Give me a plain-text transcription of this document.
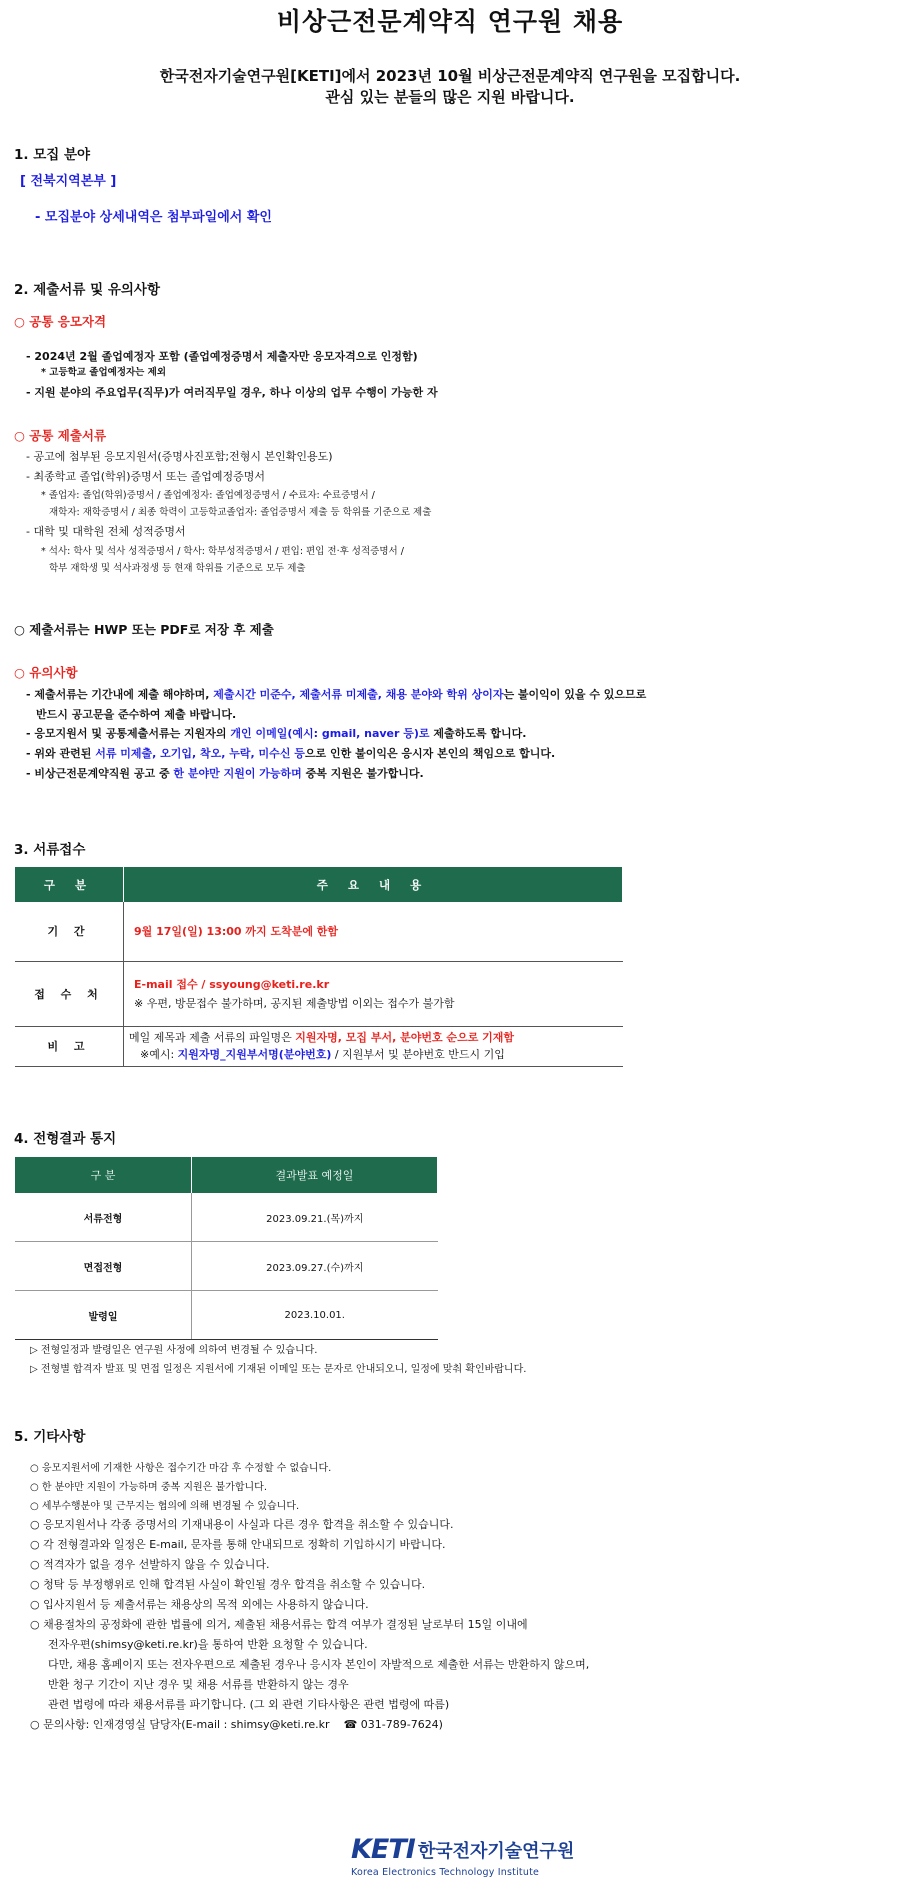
비상근전문계약직 연구원 채용
한국전자기술연구원[KETI]에서 2023년 10월 비상근전문계약직 연구원을 모집합니다.
관심 있는 분들의 많은 지원 바랍니다.
1. 모집 분야
[ 전북지역본부 ]
- 모집분야 상세내역은 첨부파일에서 확인
2. 제출서류 및 유의사항
○ 공통 응모자격
- 2024년 2월 졸업예정자 포함 (졸업예정증명서 제출자만 응모자격으로 인정함)
* 고등학교 졸업예정자는 제외
- 지원 분야의 주요업무(직무)가 여러직무일 경우, 하나 이상의 업무 수행이 가능한 자
○ 공통 제출서류
- 공고에 첨부된 응모지원서(증명사진포함;전형시 본인확인용도)
- 최종학교 졸업(학위)증명서 또는 졸업예정증명서
* 졸업자: 졸업(학위)증명서 / 졸업예정자: 졸업예정증명서 / 수료자: 수료증명서 /
재학자: 재학증명서 / 최종 학력이 고등학교졸업자: 졸업증명서 제출 등 학위를 기준으로 제출
- 대학 및 대학원 전체 성적증명서
* 석사: 학사 및 석사 성적증명서 / 학사: 학부성적증명서 / 편입: 편입 전·후 성적증명서 /
학부 재학생 및 석사과정생 등 현재 학위를 기준으로 모두 제출
○ 제출서류는 HWP 또는 PDF로 저장 후 제출
○ 유의사항
- 제출서류는 기간내에 제출 해야하며, 제출시간 미준수, 제출서류 미제출, 채용 분야와 학위 상이자는 불이익이 있을 수 있으므로
반드시 공고문을 준수하여 제출 바랍니다.
- 응모지원서 및 공통제출서류는 지원자의 개인 이메일(예시: gmail, naver 등)로 제출하도록 합니다.
- 위와 관련된 서류 미제출, 오기입, 착오, 누락, 미수신 등으로 인한 불이익은 응시자 본인의 책임으로 합니다.
- 비상근전문계약직원 공고 중 한 분야만 지원이 가능하며 중복 지원은 불가합니다.
3. 서류접수
구 분	주 요 내 용
기 간	9월 17일(일) 13:00 까지 도착분에 한함
접 수 처	E-mail 접수 / ssyoung@keti.re.kr
※ 우편, 방문접수 불가하며, 공지된 제출방법 이외는 접수가 불가함

비 고	메일 제목과 제출 서류의 파일명은 지원자명, 모집 부서, 분야번호 순으로 기재함
※예시: 지원자명_지원부서명(분야번호) / 지원부서 및 분야번호 반드시 기입
4. 전형결과 통지
구 분	결과발표 예정일
서류전형	2023.09.21.(목)까지
면접전형	2023.09.27.(수)까지
발령일	2023.10.01.
▷ 전형일정과 발령일은 연구원 사정에 의하여 변경될 수 있습니다.
▷ 전형별 합격자 발표 및 면접 일정은 지원서에 기재된 이메일 또는 문자로 안내되오니, 일정에 맞춰 확인바랍니다.
5. 기타사항
○ 응모지원서에 기재한 사항은 접수기간 마감 후 수정할 수 없습니다.
○ 한 분야만 지원이 가능하며 중복 지원은 불가합니다.
○ 세부수행분야 및 근무지는 협의에 의해 변경될 수 있습니다.
○ 응모지원서나 각종 증명서의 기재내용이 사실과 다른 경우 합격을 취소할 수 있습니다.
○ 각 전형결과와 일정은 E-mail, 문자를 통해 안내되므로 정확히 기입하시기 바랍니다.
○ 적격자가 없을 경우 선발하지 않을 수 있습니다.
○ 청탁 등 부정행위로 인해 합격된 사실이 확인될 경우 합격을 취소할 수 있습니다.
○ 입사지원서 등 제출서류는 채용상의 목적 외에는 사용하지 않습니다.
○ 채용절차의 공정화에 관한 법률에 의거, 제출된 채용서류는 합격 여부가 결정된 날로부터 15일 이내에
전자우편(shimsy@keti.re.kr)을 통하여 반환 요청할 수 있습니다.
다만, 채용 홈페이지 또는 전자우편으로 제출된 경우나 응시자 본인이 자발적으로 제출한 서류는 반환하지 않으며,
반환 청구 기간이 지난 경우 및 채용 서류를 반환하지 않는 경우
관련 법령에 따라 채용서류를 파기합니다. (그 외 관련 기타사항은 관련 법령에 따름)
○ 문의사항: 인재경영실 담당자(E-mail : shimsy@keti.re.kr ☎ 031-789-7624)
KETI 한국전자기술연구원
Korea Electronics Technology Institute
